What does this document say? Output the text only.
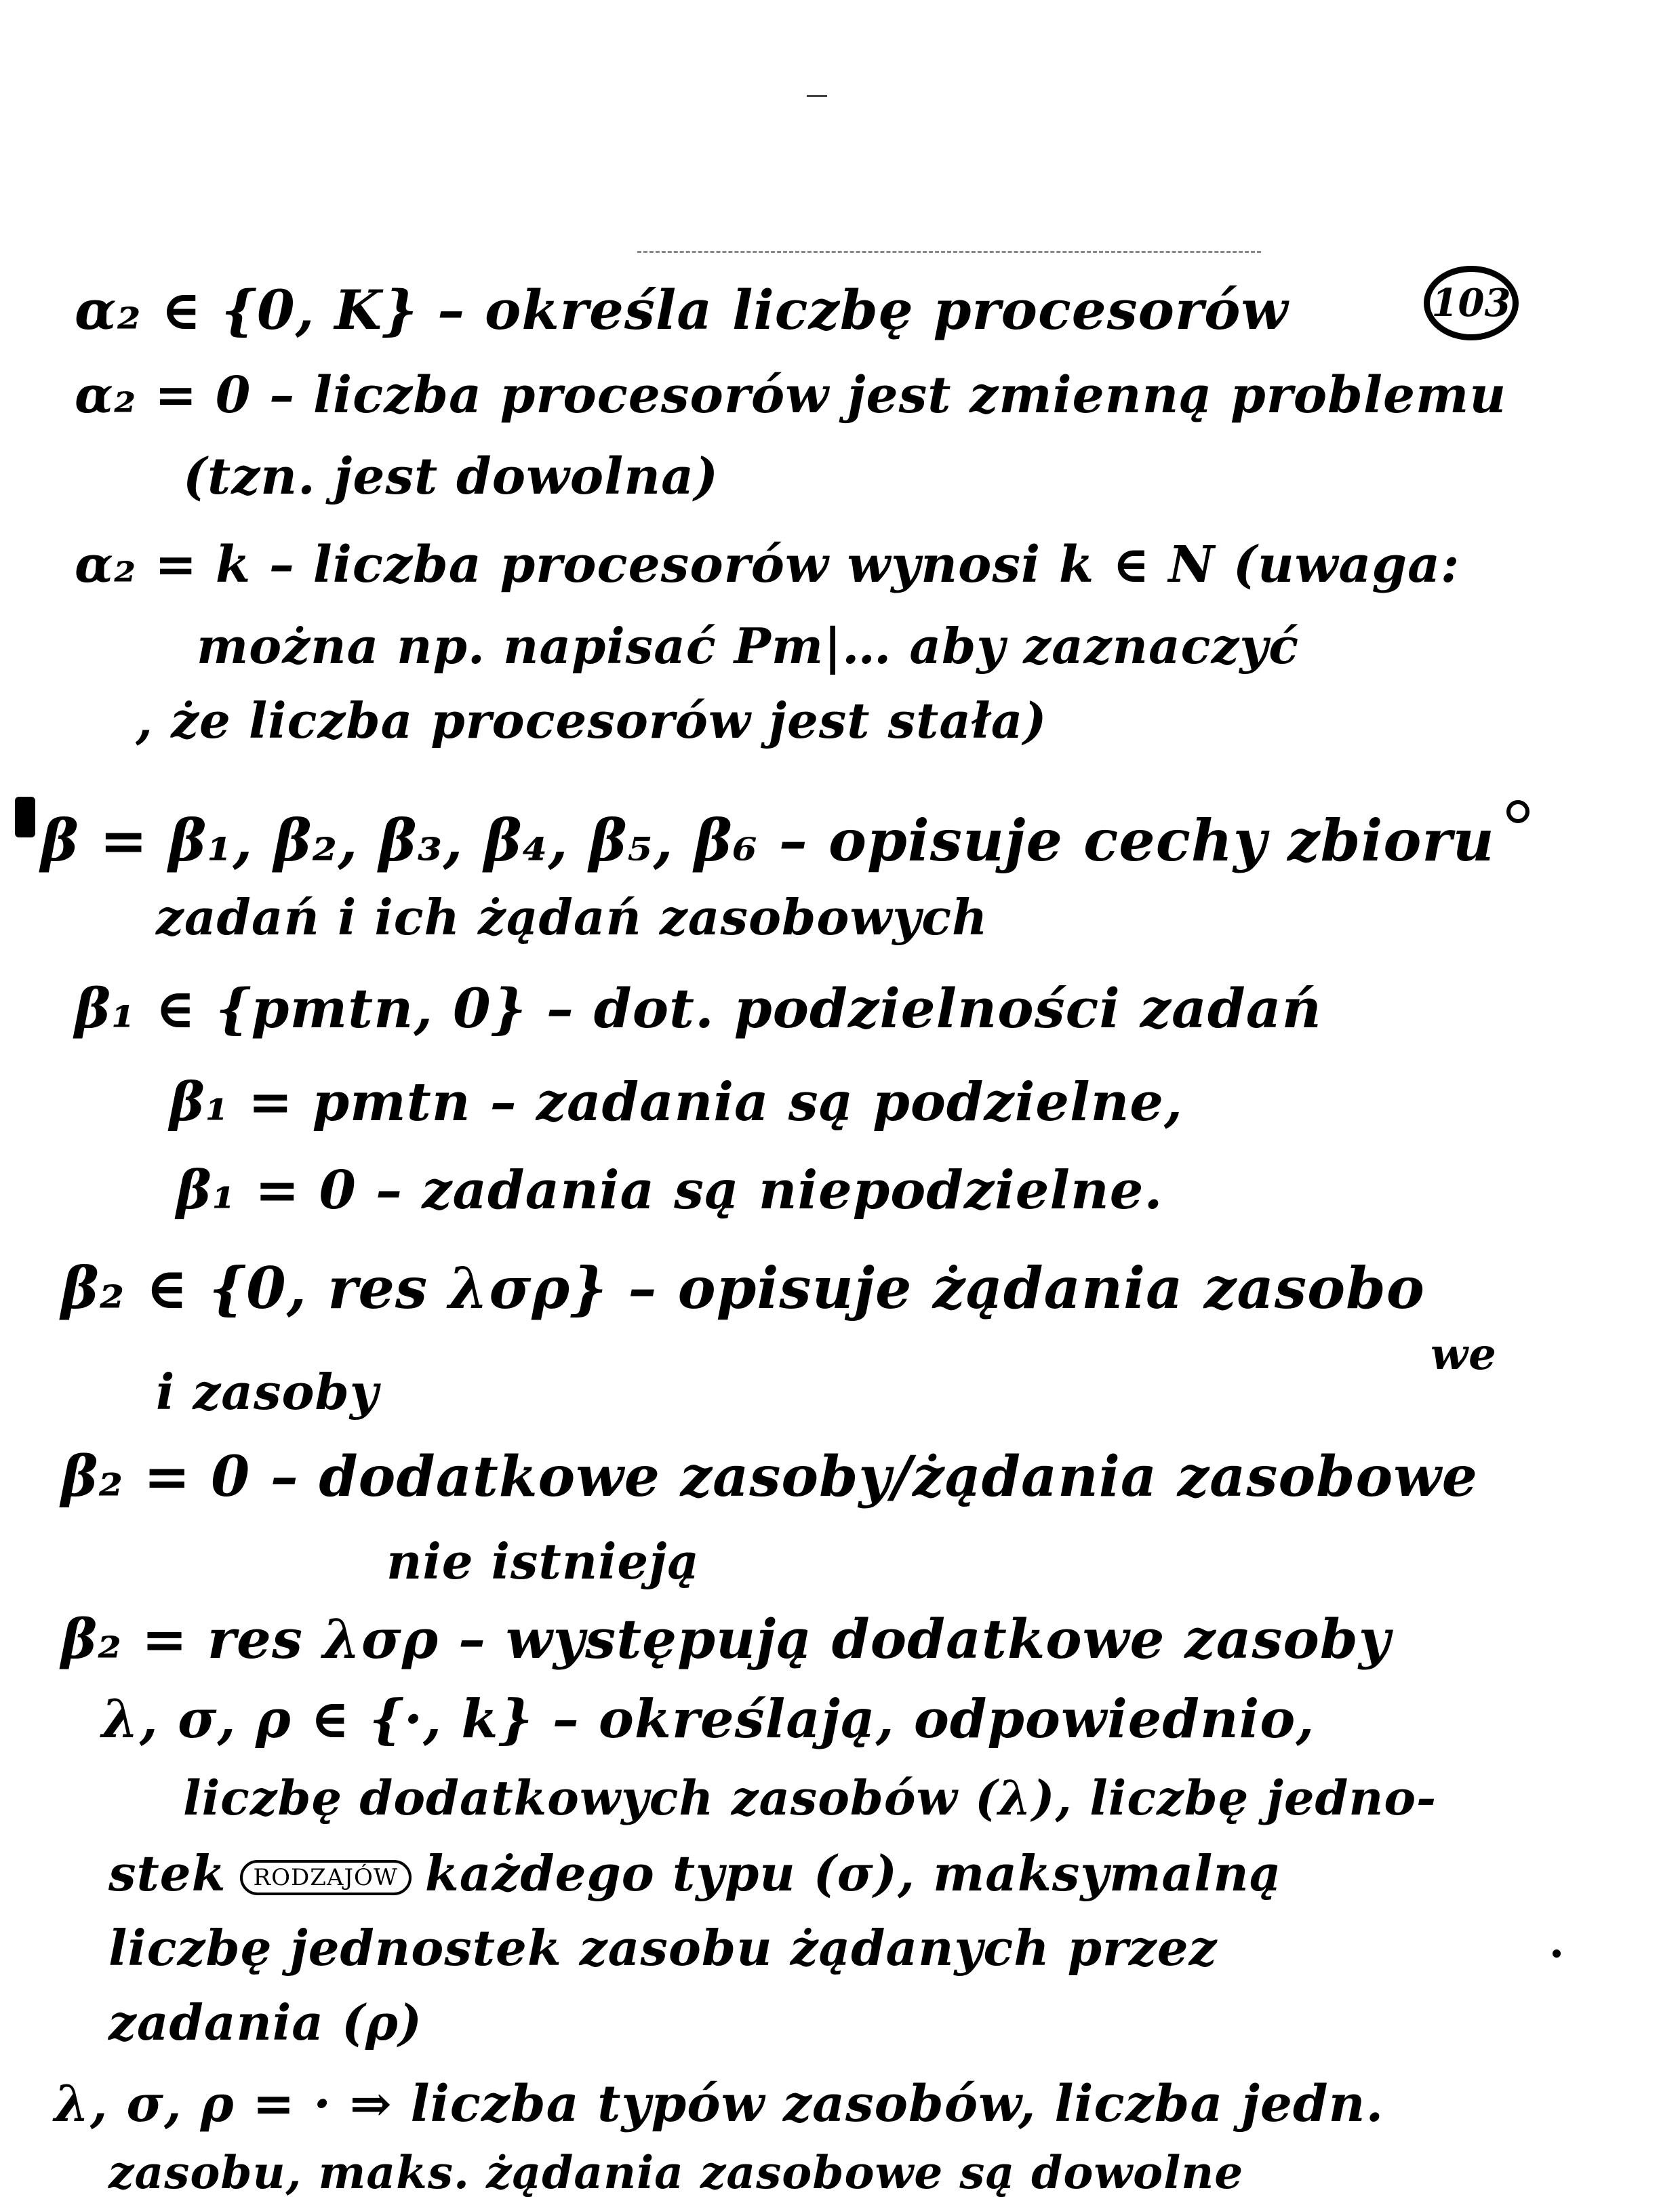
103
α₂ ∈ {0, K} – określa liczbę procesorów
α₂ = 0 – liczba procesorów jest zmienną problemu
(tzn. jest dowolna)
α₂ = k – liczba procesorów wynosi k ∈ N (uwaga:
można np. napisać Pm|… aby zaznaczyć
, że liczba procesorów jest stała)
β = β₁, β₂, β₃, β₄, β₅, β₆ – opisuje cechy zbioru
zadań i ich żądań zasobowych
β₁ ∈ {pmtn, 0} – dot. podzielności zadań
β₁ = pmtn – zadania są podzielne,
β₁ = 0 – zadania są niepodzielne.
β₂ ∈ {0, res λσρ} – opisuje żądania zasobo
we
i zasoby
β₂ = 0 – dodatkowe zasoby/żądania zasobowe
nie istnieją
β₂ = res λσρ – występują dodatkowe zasoby
λ, σ, ρ ∈ {·, k} – określają, odpowiednio,
liczbę dodatkowych zasobów (λ), liczbę jedno-
stek RODZAJÓW każdego typu (σ), maksymalną
liczbę jednostek zasobu żądanych przez
zadania (ρ)
λ, σ, ρ = · ⇒ liczba typów zasobów, liczba jedn.
zasobu, maks. żądania zasobowe są dowolne
